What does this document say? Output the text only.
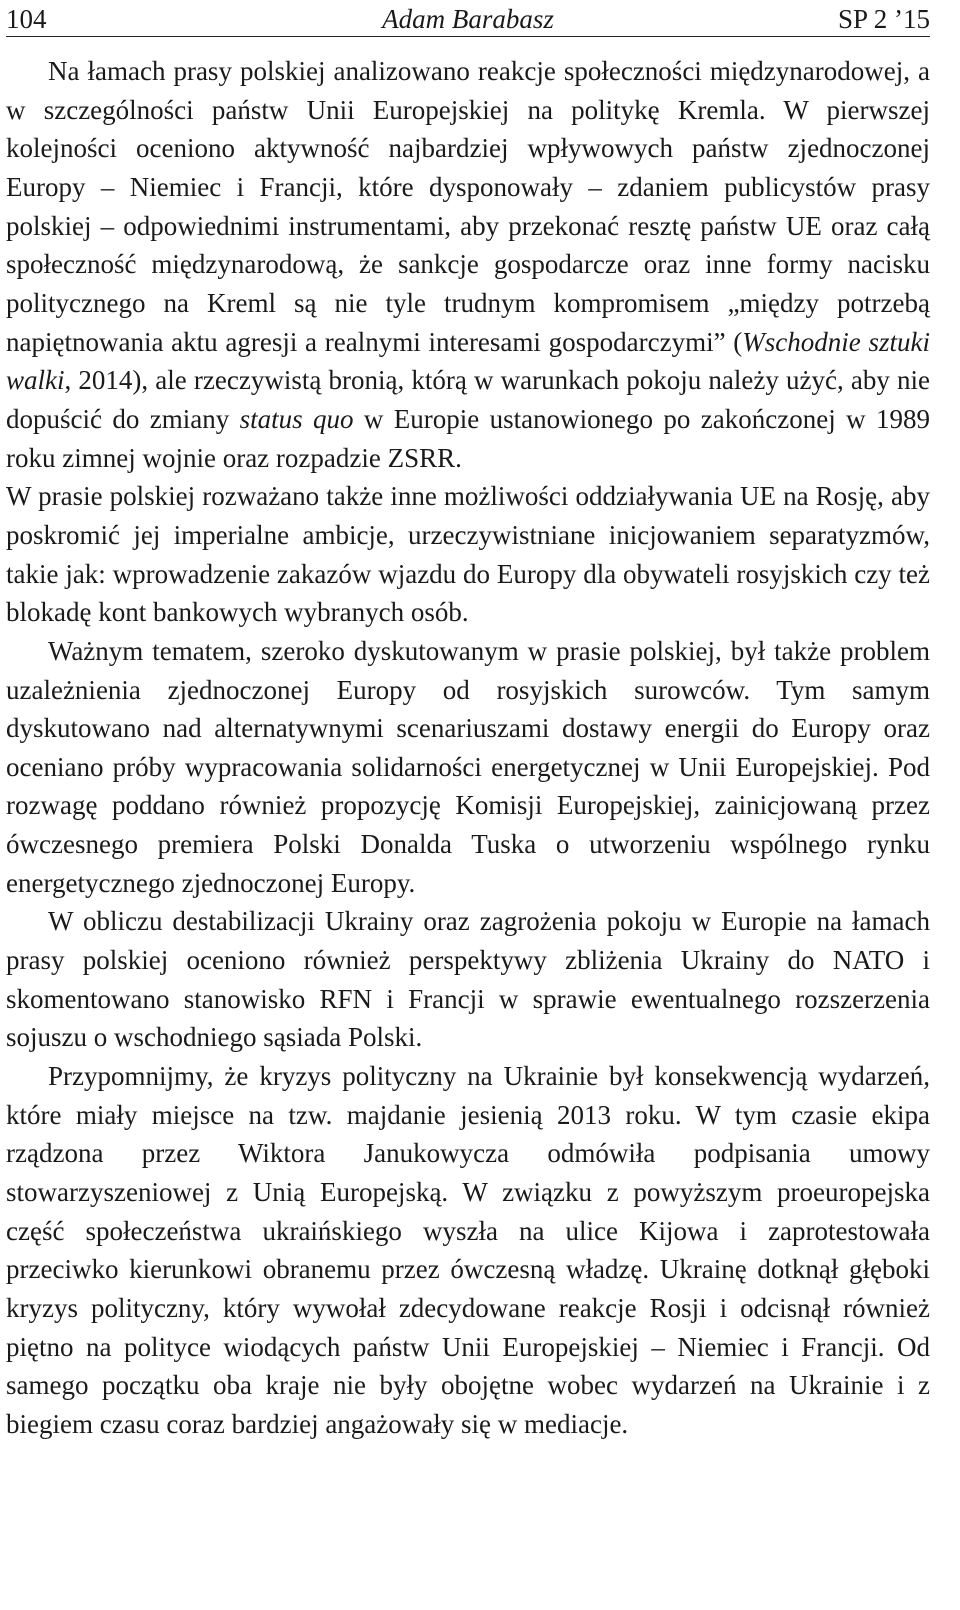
104	Adam Barabasz	SP 2 ’15

Na łamach prasy polskiej analizowano reakcje społeczności międzynarodowej, a w szczególności państw Unii Europejskiej na politykę Kremla. W pierwszej kolejności oceniono aktywność najbardziej wpływowych państw zjednoczonej Europy – Niemiec i Francji, które dysponowały – zdaniem publicystów prasy polskiej – odpowiednimi instrumentami, aby przekonać resztę państw UE oraz całą społeczność międzynarodową, że sankcje gospodarcze oraz inne formy nacisku politycznego na Kreml są nie tyle trudnym kompromisem „między potrzebą napiętnowania aktu agresji a realnymi interesami gospodarczymi” (Wschodnie sztuki walki, 2014), ale rzeczywistą bronią, którą w warunkach pokoju należy użyć, aby nie dopuścić do zmiany status quo w Europie ustanowionego po zakończonej w 1989 roku zimnej wojnie oraz rozpadzie ZSRR.

W prasie polskiej rozważano także inne możliwości oddziaływania UE na Rosję, aby poskromić jej imperialne ambicje, urzeczywistniane inicjowaniem separatyzmów, takie jak: wprowadzenie zakazów wjazdu do Europy dla obywateli rosyjskich czy też blokadę kont bankowych wybranych osób.

Ważnym tematem, szeroko dyskutowanym w prasie polskiej, był także problem uzależnienia zjednoczonej Europy od rosyjskich surowców. Tym samym dyskutowano nad alternatywnymi scenariuszami dostawy energii do Europy oraz oceniano próby wypracowania solidarności energetycznej w Unii Europejskiej. Pod rozwagę poddano również propozycję Komisji Europejskiej, zainicjowaną przez ówczesnego premiera Polski Donalda Tuska o utworzeniu wspólnego rynku energetycznego zjednoczonej Europy.

W obliczu destabilizacji Ukrainy oraz zagrożenia pokoju w Europie na łamach prasy polskiej oceniono również perspektywy zbliżenia Ukrainy do NATO i skomentowano stanowisko RFN i Francji w sprawie ewentualnego rozszerzenia sojuszu o wschodniego sąsiada Polski.

Przypomnijmy, że kryzys polityczny na Ukrainie był konsekwencją wydarzeń, które miały miejsce na tzw. majdanie jesienią 2013 roku. W tym czasie ekipa rządzona przez Wiktora Janukowycza odmówiła podpisania umowy stowarzyszeniowej z Unią Europejską. W związku z powyższym proeuropejska część społeczeństwa ukraińskiego wyszła na ulice Kijowa i zaprotestowała przeciwko kierunkowi obranemu przez ówczesną władzę. Ukrainę dotknął głęboki kryzys polityczny, który wywołał zdecydowane reakcje Rosji i odcisnął również piętno na polityce wiodących państw Unii Europejskiej – Niemiec i Francji. Od samego początku oba kraje nie były obojętne wobec wydarzeń na Ukrainie i z biegiem czasu coraz bardziej angażowały się w mediacje.
